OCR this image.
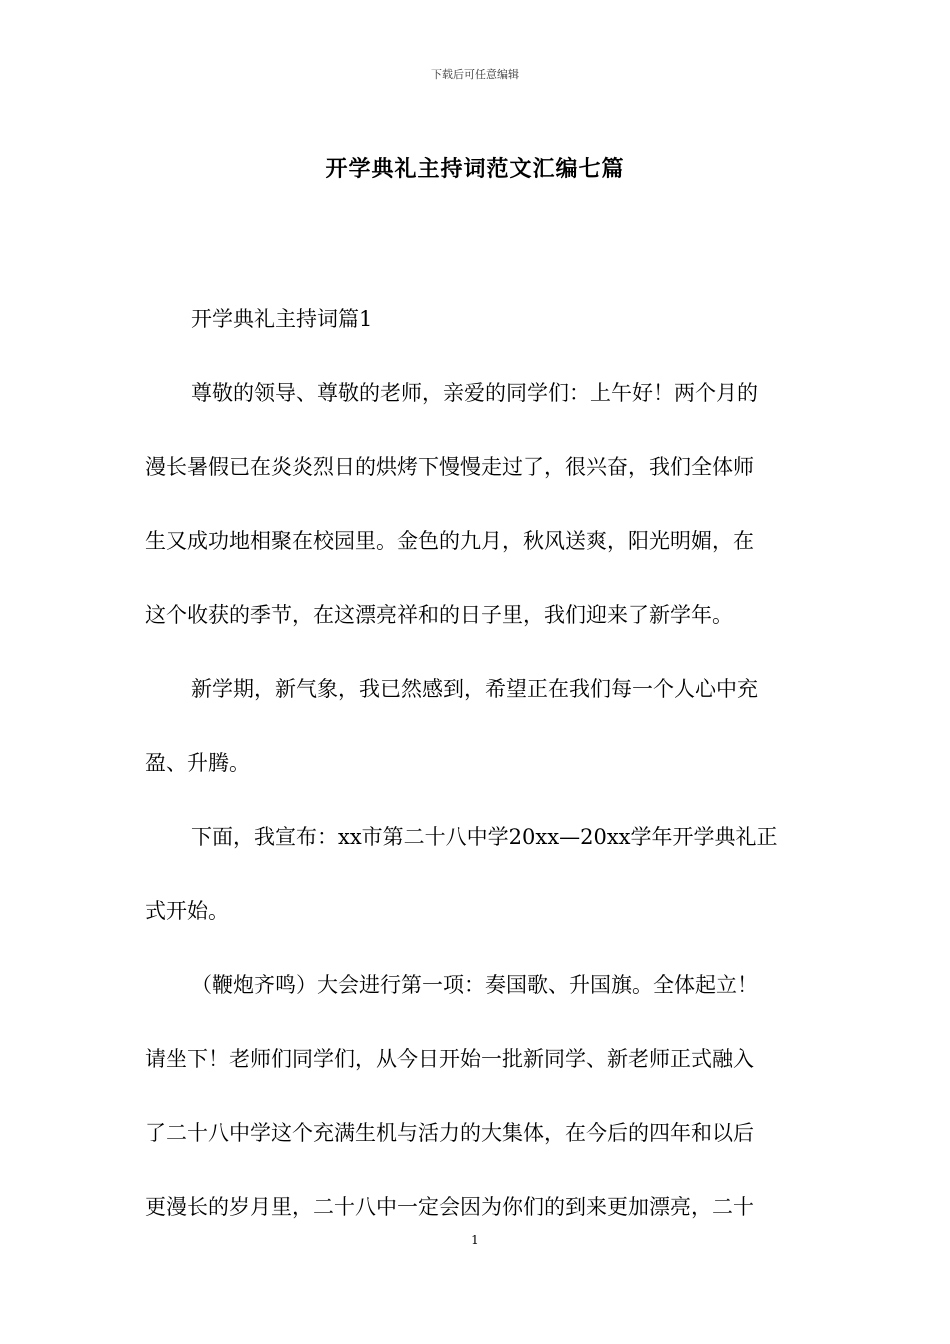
下载后可任意编辑
开学典礼主持词范文汇编七篇

开学典礼主持词篇1

尊敬的领导、尊敬的老师，亲爱的同学们：上午好！两个月的
漫长暑假已在炎炎烈日的烘烤下慢慢走过了，很兴奋，我们全体师
生又成功地相聚在校园里。金色的九月，秋风送爽，阳光明媚，在
这个收获的季节，在这漂亮祥和的日子里，我们迎来了新学年。

新学期，新气象，我已然感到，希望正在我们每一个人心中充
盈、升腾。

下面，我宣布：xx市第二十八中学20xx—20xx学年开学典礼正
式开始。

（鞭炮齐鸣）大会进行第一项：奏国歌、升国旗。全体起立！
请坐下！老师们同学们，从今日开始一批新同学、新老师正式融入
了二十八中学这个充满生机与活力的大集体，在今后的四年和以后
更漫长的岁月里，二十八中一定会因为你们的到来更加漂亮，二十

1
